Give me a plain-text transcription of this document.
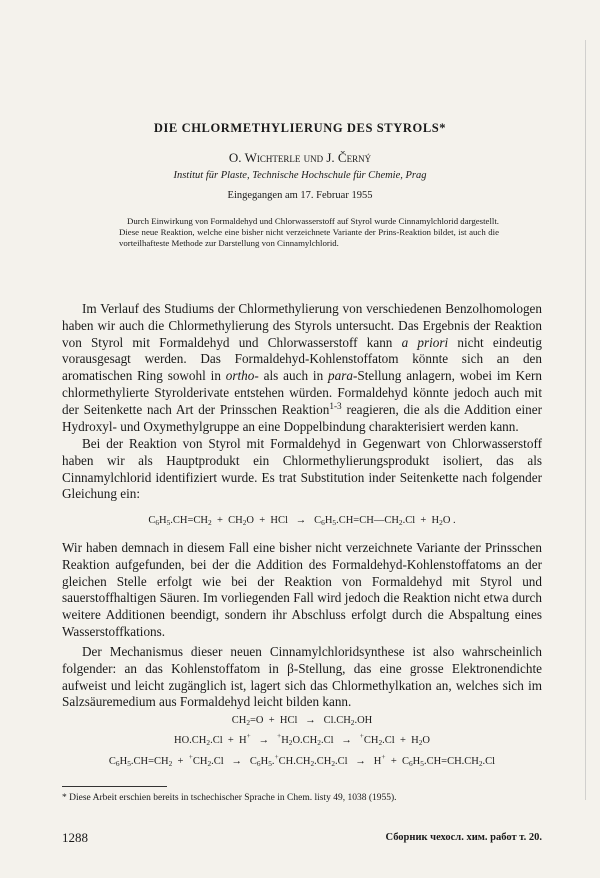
DIE CHLORMETHYLIERUNG DES STYROLS*
O. Wichterle und J. Černý
Institut für Plaste, Technische Hochschule für Chemie, Prag
Eingegangen am 17. Februar 1955

Durch Einwirkung von Formaldehyd und Chlorwasserstoff auf Styrol wurde Cinnamylchlorid dargestellt. Diese neue Reaktion, welche eine bisher nicht verzeichnete Variante der Prins-Reaktion bildet, ist auch die vorteilhafteste Methode zur Darstellung von Cinnamylchlorid.

Im Verlauf des Studiums der Chlormethylierung von verschiedenen Benzolhomologen haben wir auch die Chlormethylierung des Styrols untersucht. Das Ergebnis der Reaktion von Styrol mit Formaldehyd und Chlorwasserstoff kann a priori nicht eindeutig vorausgesagt werden. Das Formaldehyd-Kohlenstoffatom könnte sich an den aromatischen Ring sowohl in ortho- als auch in para-Stellung anlagern, wobei im Kern chlormethylierte Styrolderivate entstehen würden. Formaldehyd könnte jedoch auch mit der Seitenkette nach Art der Prinsschen Reaktion$^{1-3}$ reagieren, die als die Addition einer Hydroxyl- und Oxymethylgruppe an eine Doppelbindung charakterisiert werden kann.

Bei der Reaktion von Styrol mit Formaldehyd in Gegenwart von Chlorwasserstoff haben wir als Hauptprodukt ein Chlormethylierungsprodukt isoliert, das als Cinnamylchlorid identifiziert wurde. Es trat Substitution inder Seitenkette nach folgender Gleichung ein:

$C_6H_5.CH=CH_2 + CH_2O$  +  HCl   →   $C_6H_5.CH=CH—CH_2.Cl + H_2O$ .

Wir haben demnach in diesem Fall eine bisher nicht verzeichnete Variante der Prinsschen Reaktion aufgefunden, bei der die Addition des Formaldehyd-Kohlenstoffatoms an der gleichen Stelle erfolgt wie bei der Reaktion von Formaldehyd mit Styrol und sauerstoffhaltigen Säuren. Im vorliegenden Fall wird jedoch die Reaktion nicht etwa durch weitere Additionen beendigt, sondern ihr Abschluss erfolgt durch die Abspaltung eines Wasserstoffkations.

Der Mechanismus dieser neuen Cinnamylchloridsynthese ist also wahrscheinlich folgender: an das Kohlenstoffatom in β-Stellung, das eine grosse Elektronendichte aufweist und leicht zugänglich ist, lagert sich das Chlormethylkation an, welches sich im Salzsäuremedium aus Formaldehyd leicht bilden kann.

$CH_2=O$  +  HCl   →   $Cl.CH_2.OH$
$HO.CH_2.Cl + H^+ \to ^+H_2O.CH_2.Cl \to ^+CH_2.Cl + H_2O$
$C_6H_5.CH=CH_2 + ^+CH_2.Cl \to C_6H_5.^+CH.CH_2.CH_2.Cl \to H^+ + C_6H_5.CH=CH.CH_2.Cl$
* Diese Arbeit erschien bereits in tschechischer Sprache in Chem. listy 49, 1038 (1955).
1288	Сборник чехосл. хим. работ т. 20.
